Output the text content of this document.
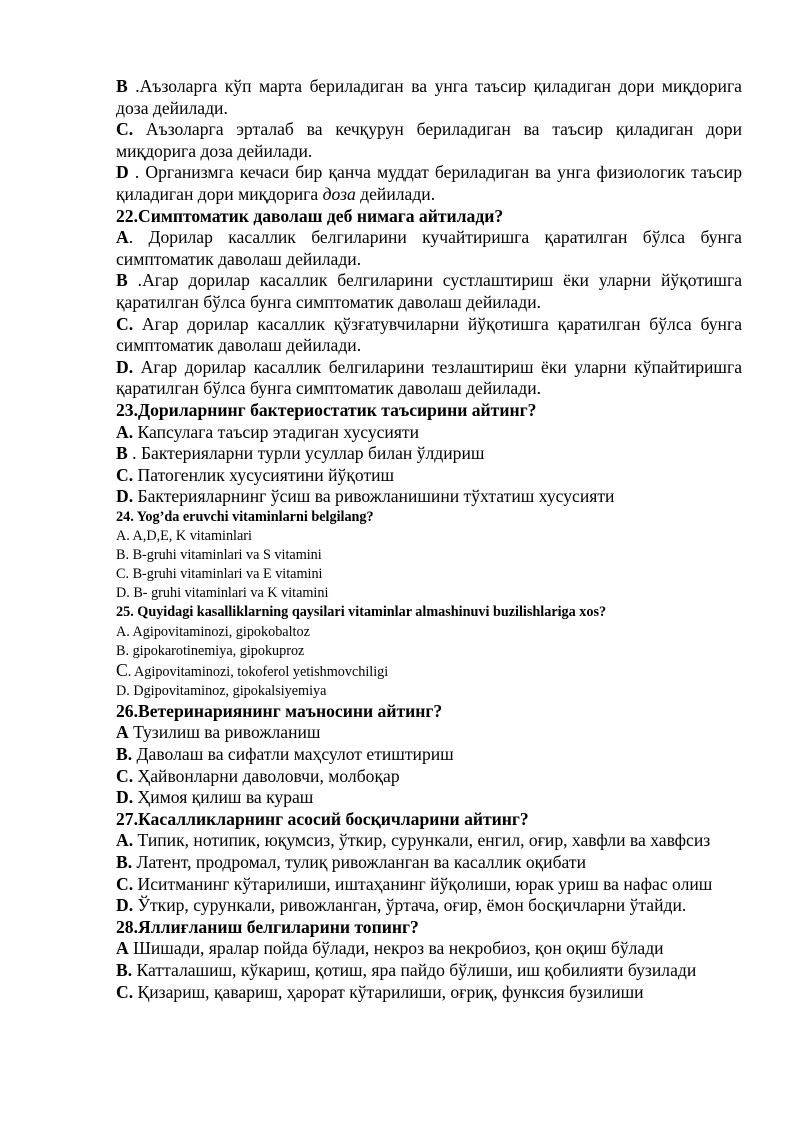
B .Аъзоларга кўп марта бериладиган ва унга таъсир қиладиган дори миқдорига доза дейилади.

C. Аъзоларга эрталаб ва кечқурун бериладиган ва таъсир қиладиган дори миқдорига доза дейилади.

D . Организмга кечаси бир қанча муддат бериладиган ва унга физиологик таъсир қиладиган дори миқдорига доза дейилади.

22.Симптоматик даволаш деб нимага айтилади?

A. Дорилар касаллик белгиларини кучайтиришга қаратилган бўлса бунга симптоматик даволаш дейилади.

B .Агар дорилар касаллик белгиларини сустлаштириш ёки уларни йўқотишга қаратилган бўлса бунга симптоматик даволаш дейилади.

C. Агар дорилар касаллик қўзғатувчиларни йўқотишга қаратилган бўлса бунга симптоматик даволаш дейилади.

D. Агар дорилар касаллик белгиларини тезлаштириш ёки уларни кўпайтиришга қаратилган бўлса бунга симптоматик даволаш дейилади.

23.Дориларнинг бактериостатик таъсирини айтинг?

A. Капсулага таъсир этадиган хусусияти

B . Бактерияларни турли усуллар билан ўлдириш

C. Патогенлик хусусиятини йўқотиш

D. Бактерияларнинг ўсиш ва ривожланишини тўхтатиш хусусияти

24. Yog’da eruvchi vitaminlarni belgilang?

A. A,D,E, K vitaminlari

B. B-gruhi vitaminlari va S vitamini

C. B-gruhi vitaminlari va E vitamini

D. B- gruhi vitaminlari va K vitamini

25. Quyidagi kasalliklarning qaysilari vitaminlar almashinuvi buzilishlariga xos?

A. Agipovitaminozi, gipokobaltoz

B. gipokarotinemiya, gipokuproz

C. Agipovitaminozi, tokoferol yetishmovchiligi

D. Dgipovitaminoz, gipokalsiyemiya

26.Ветеринариянинг маъносини айтинг?

A Тузилиш ва ривожланиш

B. Даволаш ва сифатли маҳсулот етиштириш

C. Ҳайвонларни даволовчи, молбоқар

D. Ҳимоя қилиш ва кураш

27.Касалликларнинг асосий босқичларини айтинг?

A. Типик, нотипик, юқумсиз, ўткир, сурункали, енгил, оғир, хавфли ва хавфсиз

B. Латент, продромал, тулиқ ривожланган ва касаллик оқибати

C. Иситманинг кўтарилиши, иштаҳанинг йўқолиши, юрак уриш ва нафас олиш

D. Ўткир, сурункали, ривожланган, ўртача, оғир, ёмон босқичларни ўтайди.

28.Яллиғланиш белгиларини топинг?

A Шишади, яралар пойда бўлади, некроз ва некробиоз, қон оқиш бўлади

B. Катталашиш, кўкариш, қотиш, яра пайдо бўлиши, иш қобилияти бузилади

C. Қизариш, қавариш, ҳарорат кўтарилиши, оғриқ, функсия бузилиши
